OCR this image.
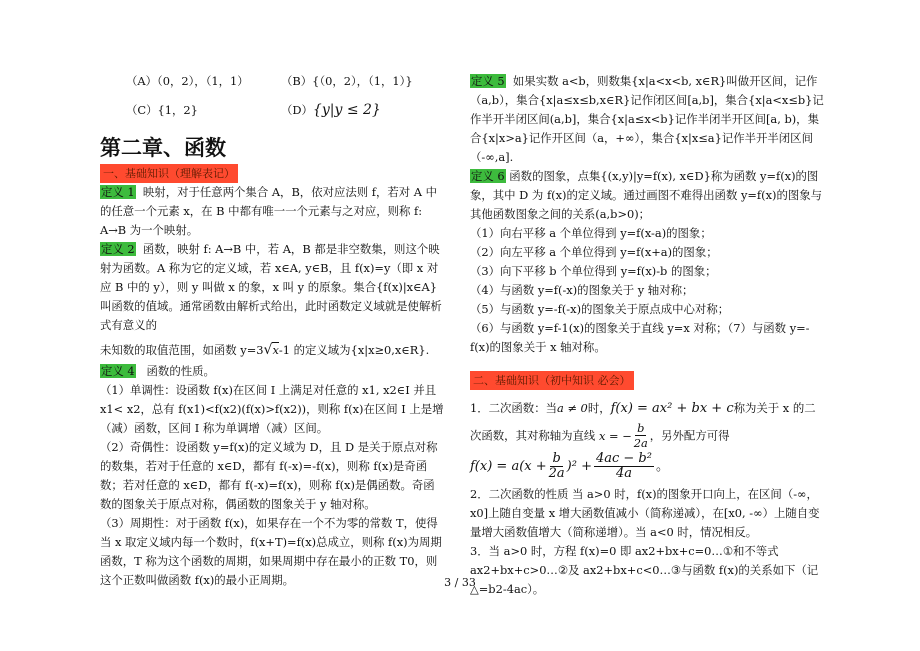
（A）（0，2），（1，1）	（B）{（0，2），（1，1）}
（C）{1，2}	（D）{y|y ≤ 2}
第二章、函数

一、基础知识（理解表记）

定义 1 映射，对于任意两个集合 A，B，依对应法则 f，若对 A 中的任意一个元素 x，在 B 中都有唯一一个元素与之对应，则称 f: A→B 为一个映射。

定义 2 函数，映射 f: A→B 中，若 A，B 都是非空数集，则这个映射为函数。A 称为它的定义域，若 x∈A, y∈B，且 f(x)=y（即 x 对应 B 中的 y），则 y 叫做 x 的象，x 叫 y 的原象。集合{f(x)|x∈A}叫函数的值域。通常函数由解析式给出，此时函数定义域就是使解析式有意义的

未知数的取值范围，如函数 y=3√x-1 的定义域为{x|x≥0,x∈R}.

定义 4 函数的性质。

（1）单调性：设函数 f(x)在区间 I 上满足对任意的 x1, x2∈I 并且 x1< x2，总有 f(x1)<f(x2)(f(x)>f(x2))，则称 f(x)在区间 I 上是增（减）函数，区间 I 称为单调增（减）区间。

（2）奇偶性：设函数 y=f(x)的定义域为 D，且 D 是关于原点对称的数集，若对于任意的 x∈D，都有 f(-x)=-f(x)，则称 f(x)是奇函数；若对任意的 x∈D，都有 f(-x)=f(x)，则称 f(x)是偶函数。奇函数的图象关于原点对称，偶函数的图象关于 y 轴对称。

（3）周期性：对于函数 f(x)，如果存在一个不为零的常数 T，使得当 x 取定义域内每一个数时，f(x+T)=f(x)总成立，则称 f(x)为周期函数，T 称为这个函数的周期，如果周期中存在最小的正数 T0，则这个正数叫做函数 f(x)的最小正周期。

定义 5 如果实数 a<b，则数集{x|a<x<b, x∈R}叫做开区间，记作（a,b），集合{x|a≤x≤b,x∈R}记作闭区间[a,b]，集合{x|a<x≤b}记作半开半闭区间(a,b]，集合{x|a≤x<b}记作半闭半开区间[a, b)，集合{x|x>a}记作开区间（a，+∞），集合{x|x≤a}记作半开半闭区间（-∞,a].

定义 6 函数的图象，点集{(x,y)|y=f(x), x∈D}称为函数 y=f(x)的图象，其中 D 为 f(x)的定义域。通过画图不难得出函数 y=f(x)的图象与其他函数图象之间的关系(a,b>0)；

（1）向右平移 a 个单位得到 y=f(x-a)的图象；

（2）向左平移 a 个单位得到 y=f(x+a)的图象；

（3）向下平移 b 个单位得到 y=f(x)-b 的图象；

（4）与函数 y=f(-x)的图象关于 y 轴对称；

（5）与函数 y=-f(-x)的图象关于原点成中心对称；

（6）与函数 y=f-1(x)的图象关于直线 y=x 对称；（7）与函数 y=-f(x)的图象关于 x 轴对称。

二、基础知识（初中知识 必会）

1．二次函数：当a ≠ 0时，f(x) = ax² + bx + c称为关于 x 的二次函数，其对称轴为直线 x = − $\frac{b}{2a}$ ，另外配方可得

$f(x) = a(x + \frac{b}{2a} )^2 + \frac{\text{4ac − b²}}{4a}$ 。

2．二次函数的性质 当 a>0 时，f(x)的图象开口向上，在区间（-∞，x0]上随自变量 x 增大函数值减小（简称递减），在[x0, -∞）上随自变量增大函数值增大（简称递增）。当 a<0 时，情况相反。

3．当 a>0 时，方程 f(x)=0 即 ax2+bx+c=0…①和不等式 ax2+bx+c>0…②及 ax2+bx+c<0…③与函数 f(x)的关系如下（记△=b2-4ac）。

3 / 33
